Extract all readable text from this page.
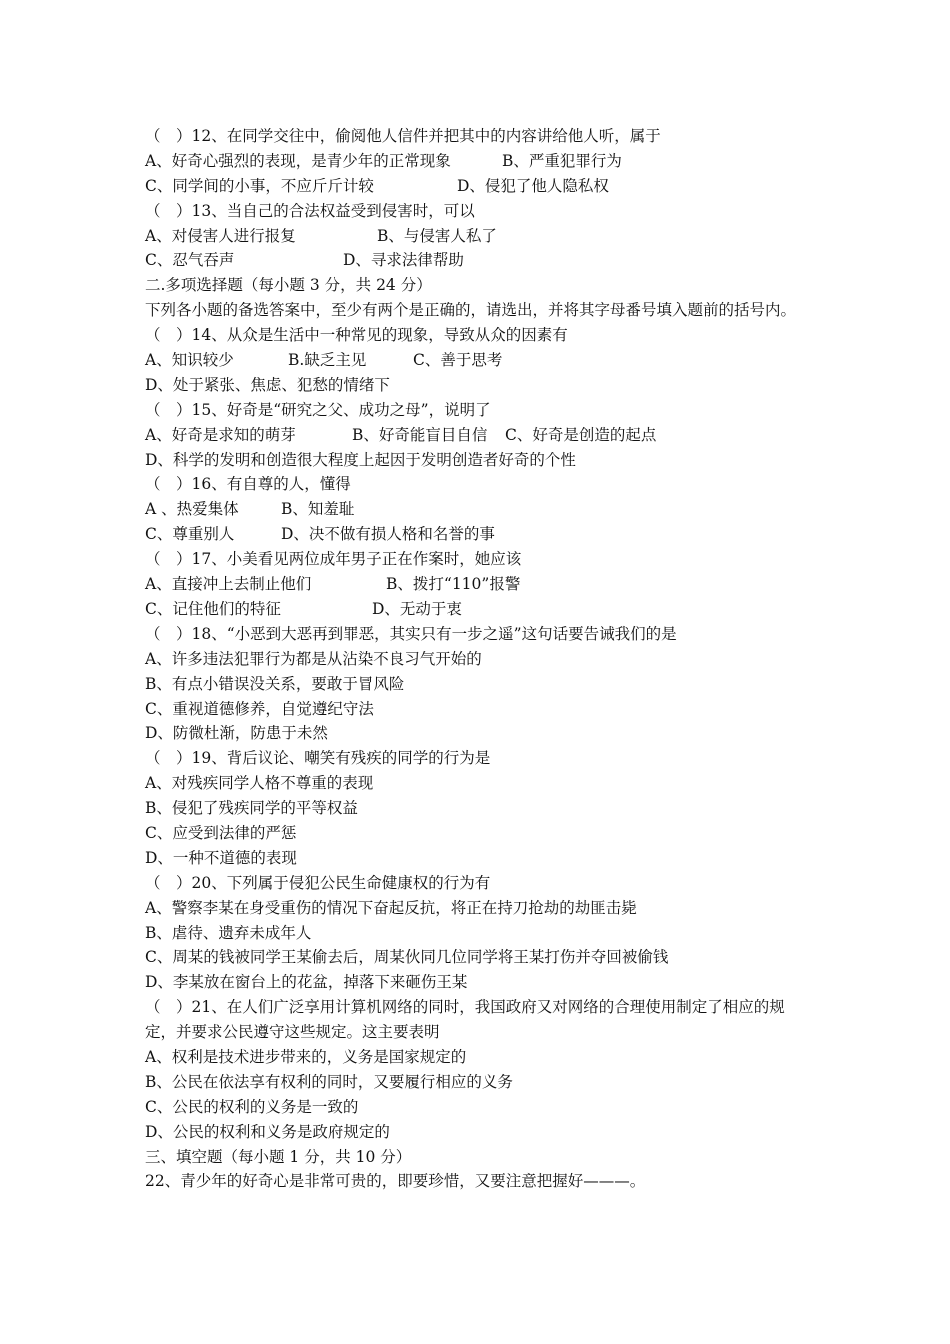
（　）12、在同学交往中，偷阅他人信件并把其中的内容讲给他人听，属于
A、好奇心强烈的表现，是青少年的正常现象	B、严重犯罪行为
C、同学间的小事，不应斤斤计较	D、侵犯了他人隐私权
（　）13、当自己的合法权益受到侵害时，可以
A、对侵害人进行报复	B、与侵害人私了
C、忍气吞声	D、寻求法律帮助
二.多项选择题（每小题 3 分，共 24 分）
下列各小题的备选答案中，至少有两个是正确的，请选出，并将其字母番号填入题前的括号内。
（　）14、从众是生活中一种常见的现象，导致从众的因素有
A、知识较少	B.缺乏主见	C、善于思考
D、处于紧张、焦虑、犯愁的情绪下
（　）15、好奇是“研究之父、成功之母”，说明了
A、好奇是求知的萌芽	B、好奇能盲目自信 C、好奇是创造的起点
D、科学的发明和创造很大程度上起因于发明创造者好奇的个性
（　）16、有自尊的人，懂得
A 、热爱集体	B、知羞耻
C、尊重别人	D、决不做有损人格和名誉的事
（　）17、小美看见两位成年男子正在作案时，她应该
A、直接冲上去制止他们	B、拨打“110”报警
C、记住他们的特征	D、无动于衷
（　）18、“小恶到大恶再到罪恶，其实只有一步之遥”这句话要告诫我们的是
A、许多违法犯罪行为都是从沾染不良习气开始的
B、有点小错误没关系，要敢于冒风险
C、重视道德修养，自觉遵纪守法
D、防微杜渐，防患于未然
（　）19、背后议论、嘲笑有残疾的同学的行为是
A、对残疾同学人格不尊重的表现
B、侵犯了残疾同学的平等权益
C、应受到法律的严惩
D、一种不道德的表现
（　）20、下列属于侵犯公民生命健康权的行为有
A、警察李某在身受重伤的情况下奋起反抗，将正在持刀抢劫的劫匪击毙
B、虐待、遗弃未成年人
C、周某的钱被同学王某偷去后，周某伙同几位同学将王某打伤并夺回被偷钱
D、李某放在窗台上的花盆，掉落下来砸伤王某
（　）21、在人们广泛享用计算机网络的同时，我国政府又对网络的合理使用制定了相应的规定，并要求公民遵守这些规定。这主要表明
A、权利是技术进步带来的，义务是国家规定的
B、公民在依法享有权利的同时，又要履行相应的义务
C、公民的权利的义务是一致的
D、公民的权利和义务是政府规定的
三、填空题（每小题 1 分，共 10 分）
22、青少年的好奇心是非常可贵的，即要珍惜，又要注意把握好———。
